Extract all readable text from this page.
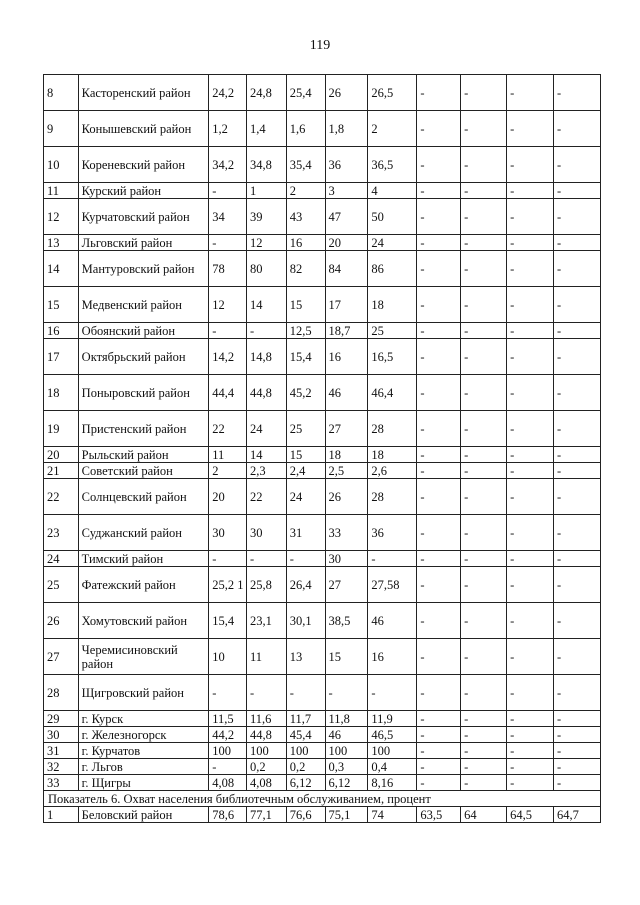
119
8	Касторенский район	24,2	24,8	25,4	26	26,5	-	-	-	-
9	Конышевский район	1,2	1,4	1,6	1,8	2	-	-	-	-
10	Кореневский район	34,2	34,8	35,4	36	36,5	-	-	-	-
11	Курский район	-	1	2	3	4	-	-	-	-
12	Курчатовский район	34	39	43	47	50	-	-	-	-
13	Льговский район	-	12	16	20	24	-	-	-	-
14	Мантуровский район	78	80	82	84	86	-	-	-	-
15	Медвенский район	12	14	15	17	18	-	-	-	-
16	Обоянский район	-	-	12,5	18,7	25	-	-	-	-
17	Октябрьский район	14,2	14,8	15,4	16	16,5	-	-	-	-
18	Поныровский район	44,4	44,8	45,2	46	46,4	-	-	-	-
19	Пристенский район	22	24	25	27	28	-	-	-	-
20	Рыльский район	11	14	15	18	18	-	-	-	-
21	Советский район	2	2,3	2,4	2,5	2,6	-	-	-	-
22	Солнцевский район	20	22	24	26	28	-	-	-	-
23	Суджанский район	30	30	31	33	36	-	-	-	-
24	Тимский район	-	-	-	30	-	-	-	-	-
25	Фатежский район	25,2 1	25,8	26,4	27	27,58	-	-	-	-
26	Хомутовский район	15,4	23,1	30,1	38,5	46	-	-	-	-
27	Черемисиновский район	10	11	13	15	16	-	-	-	-
28	Щигровский район	-	-	-	-	-	-	-	-	-
29	г. Курск	11,5	11,6	11,7	11,8	11,9	-	-	-	-
30	г. Железногорск	44,2	44,8	45,4	46	46,5	-	-	-	-
31	г. Курчатов	100	100	100	100	100	-	-	-	-
32	г. Льгов	-	0,2	0,2	0,3	0,4	-	-	-	-
33	г. Щигры	4,08	4,08	6,12	6,12	8,16	-	-	-	-
Показатель 6. Охват населения библиотечным обслуживанием, процент										
1	Беловский район	78,6	77,1	76,6	75,1	74	63,5	64	64,5	64,7
